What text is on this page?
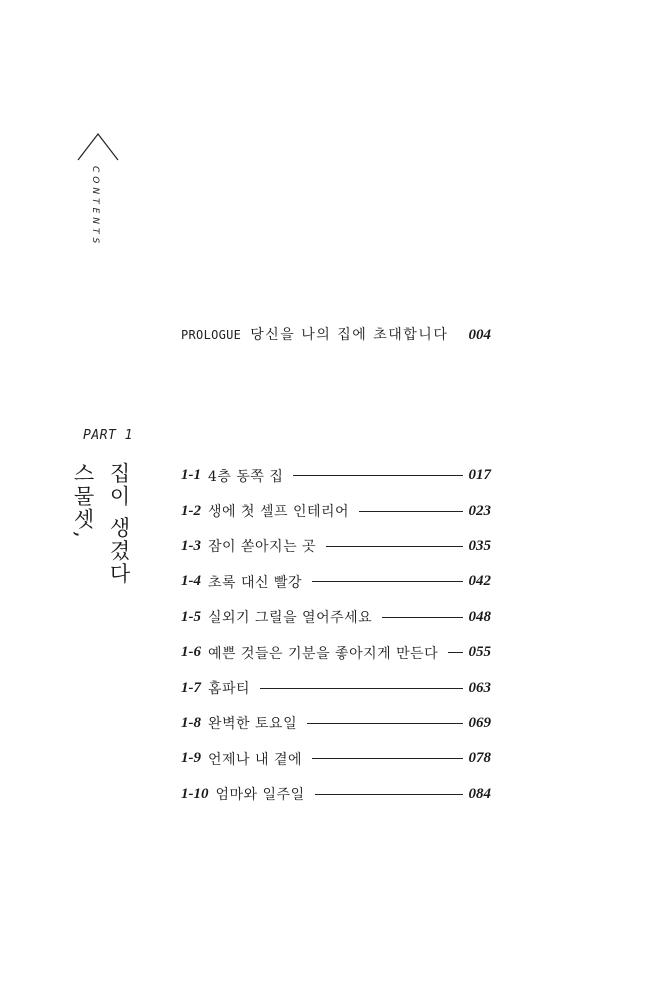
CONTENTS
PROLOGUE 당신을 나의 집에 초대합니다 004
PART 1
집이 생겼다
스물셋,	1-1 4층 동쪽 집	017
1-2 생에 첫 셀프 인테리어	023
1-3 잠이 쏟아지는 곳	035
1-4 초록 대신 빨강	042
1-5 실외기 그릴을 열어주세요	048
1-6 예쁜 것들은 기분을 좋아지게 만든다 055
1-7 홈파티	063
1-8 완벽한 토요일	069
1-9 언제나 내 곁에	078
1-10 엄마와 일주일	084
